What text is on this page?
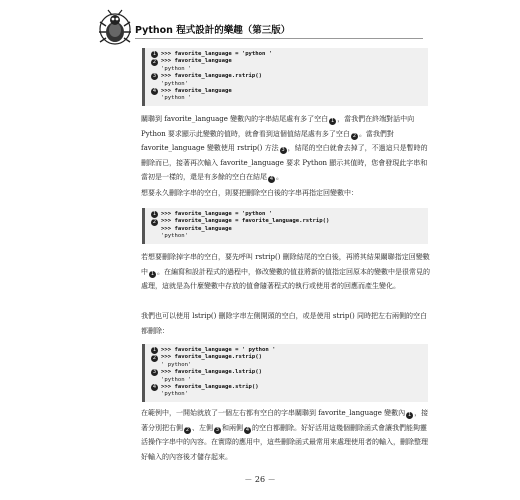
Python 程式設計的樂趣（第三版）
1 >>> favorite_language = 'python '
2 >>> favorite_language
'python '
3 >>> favorite_language.rstrip()
'python'
4 >>> favorite_language
'python '
關聯到 favorite_language 變數內的字串結尾處有多了空白 1 ，當我們在終端對話中向 Python 要求顯示此變數的值時，就會看到這個值結尾處有多了空白 2 。當我們對 favorite_language 變數使用 rstrip() 方法 3 ，結尾的空白就會去掉了，不過這只是暫時的刪除而已，接著再次輸入 favorite_language 要求 Python 顯示其值時，您會發現此字串和當初是一樣的，還是有多餘的空白在結尾 4 。
想要永久刪除字串的空白，則要把刪除空白後的字串再指定回變數中：
1 >>> favorite_language = 'python '
2 >>> favorite_language = favorite_language.rstrip()
>>> favorite_language
'python'
若想要刪除掉字串的空白，要先呼叫 rstrip() 刪除結尾的空白後，再將其結果關聯指定回變數中 1 。在編寫和設計程式的過程中，修改變數的值並將新的值指定回原本的變數中是很常見的處理，這就是為什麼變數中存放的值會隨著程式的執行或使用者的回應而產生變化。
我們也可以使用 lstrip() 刪除字串左側開頭的空白，或是使用 strip() 同時把左右兩側的空白都刪除：
1 >>> favorite_language = ' python '
2 >>> favorite_language.rstrip()
' python'
3 >>> favorite_language.lstrip()
'python '
4 >>> favorite_language.strip()
'python'
在範例中，一開始就放了一個左右都有空白的字串關聯到 favorite_language 變數內 1 ，接著分別把右側 2 、左側 3 和兩側 4 的空白都刪除。好好活用這幾個刪除函式會讓我們能夠靈活操作字串中的內容。在實際的應用中，這些刪除函式最常用來處理使用者的輸入，刪除整理好輸入的內容後才儲存起來。
－ 26 －
